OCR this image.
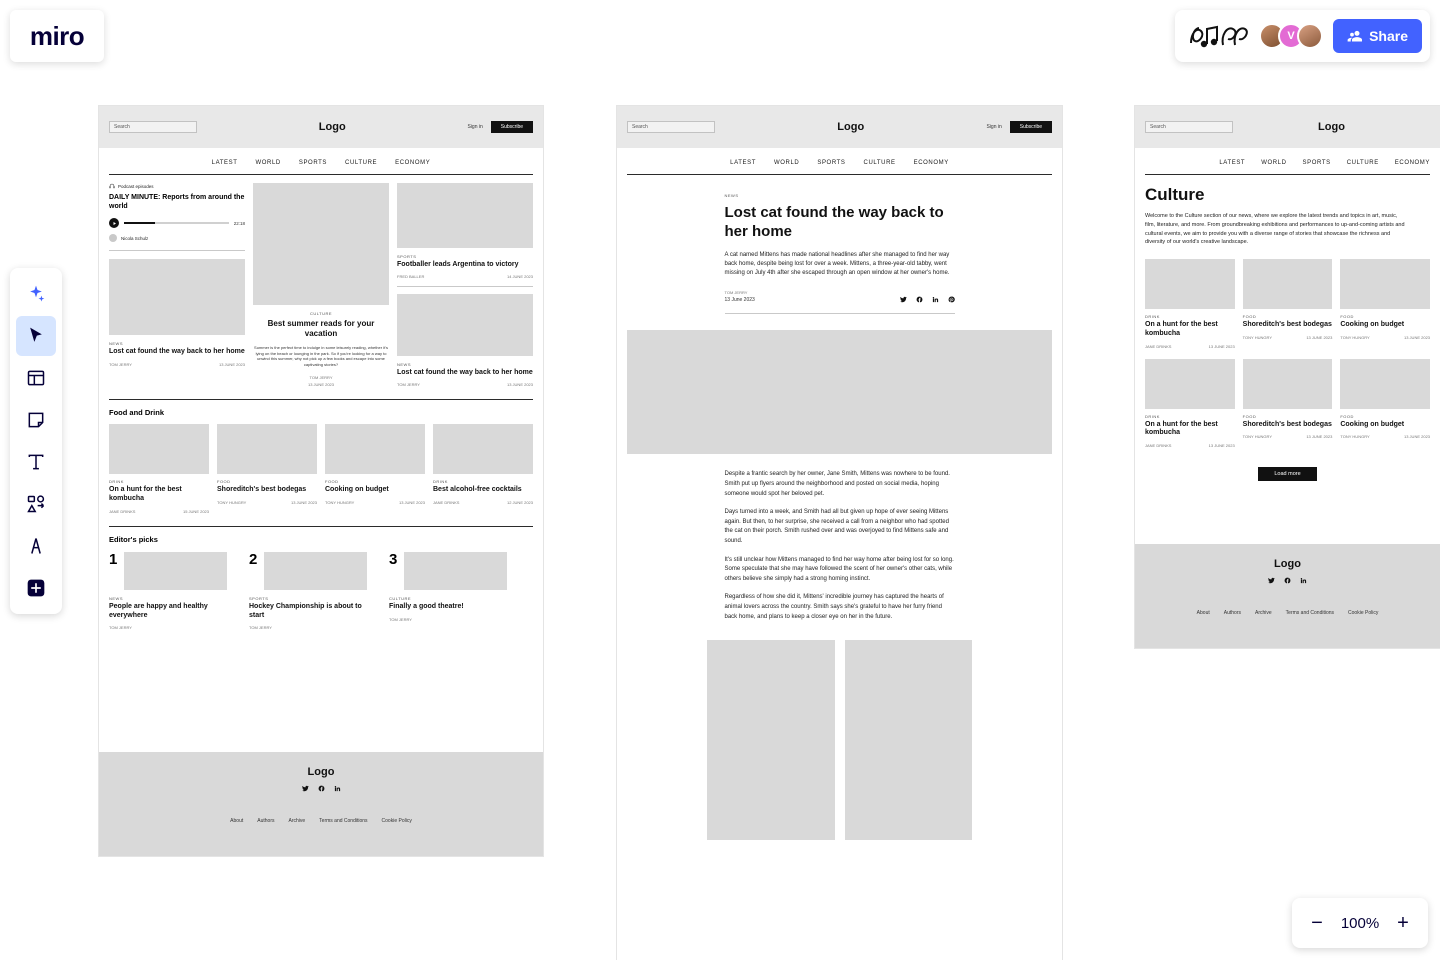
Search	Logo	Sign in	Subscribe
LATEST	WORLD	SPORTS	CULTURE	ECONOMY
Podcast episodes
DAILY MINUTE: Reports from around the world
22:18
Nicola Schulz
NEWS
Lost cat found the way back to her home
TOM JERRY	13 JUNE 2023
CULTURE
Best summer reads for your vacation
Summer is the perfect time to indulge in some leisurely reading, whether it's lying on the beach or lounging in the park. So if you're looking for a way to unwind this summer, why not pick up a few books and escape into some captivating stories?
TOM JERRY
13 JUNE 2023
SPORTS
Footballer leads Argentina to victory
FRED BALLER	14 JUNE 2023
NEWS
Lost cat found the way back to her home
TOM JERRY	13 JUNE 2023
Food and Drink
DRINK
On a hunt for the best kombucha
JANE DRINKS	15 JUNE 2023
FOOD
Shoreditch's best bodegas
TONY HUNGRY	13 JUNE 2023
FOOD
Cooking on budget
TONY HUNGRY	13 JUNE 2023
DRINK
Best alcohol-free cocktails
JANE DRINKS	12 JUNE 2023
Editor's picks
1
NEWS
People are happy and healthy everywhere
TOM JERRY
2
SPORTS
Hockey Championship is about to start
TOM JERRY
3
CULTURE
Finally a good theatre!
TOM JERRY
Logo
About	Authors	Archive	Terms and Conditions	Cookie Policy
Search	Logo	Sign in	Subscribe
LATEST	WORLD	SPORTS	CULTURE	ECONOMY
NEWS
Lost cat found the way back to her home

A cat named Mittens has made national headlines after she managed to find her way back home, despite being lost for over a week. Mittens, a three-year-old tabby, went missing on July 4th after she escaped through an open window at her owner's home.

TOM JERRY
13 June 2023

Despite a frantic search by her owner, Jane Smith, Mittens was nowhere to be found. Smith put up flyers around the neighborhood and posted on social media, hoping someone would spot her beloved pet.

Days turned into a week, and Smith had all but given up hope of ever seeing Mittens again. But then, to her surprise, she received a call from a neighbor who had spotted the cat on their porch. Smith rushed over and was overjoyed to find Mittens safe and sound.

It's still unclear how Mittens managed to find her way home after being lost for so long. Some speculate that she may have followed the scent of her owner's other cats, while others believe she simply had a strong homing instinct.

Regardless of how she did it, Mittens' incredible journey has captured the hearts of animal lovers across the country. Smith says she's grateful to have her furry friend back home, and plans to keep a closer eye on her in the future.

Search	Logo
LATEST	WORLD	SPORTS	CULTURE	ECONOMY
Culture

Welcome to the Culture section of our news, where we explore the latest trends and topics in art, music, film, literature, and more. From groundbreaking exhibitions and performances to up-and-coming artists and cultural events, we aim to provide you with a diverse range of stories that showcase the richness and diversity of our world's creative landscape.

DRINK
On a hunt for the best kombucha
JANE DRINKS	13 JUNE 2023
FOOD
Shoreditch's best bodegas
TONY HUNGRY	13 JUNE 2023
FOOD
Cooking on budget
TONY HUNGRY	13 JUNE 2023
DRINK
On a hunt for the best kombucha
JANE DRINKS	13 JUNE 2023
FOOD
Shoreditch's best bodegas
TONY HUNGRY	13 JUNE 2023
FOOD
Cooking on budget
TONY HUNGRY	13 JUNE 2023
Load more
Logo
About	Authors	Archive	Terms and Conditions	Cookie Policy
miro	V	Share
−	100% +
